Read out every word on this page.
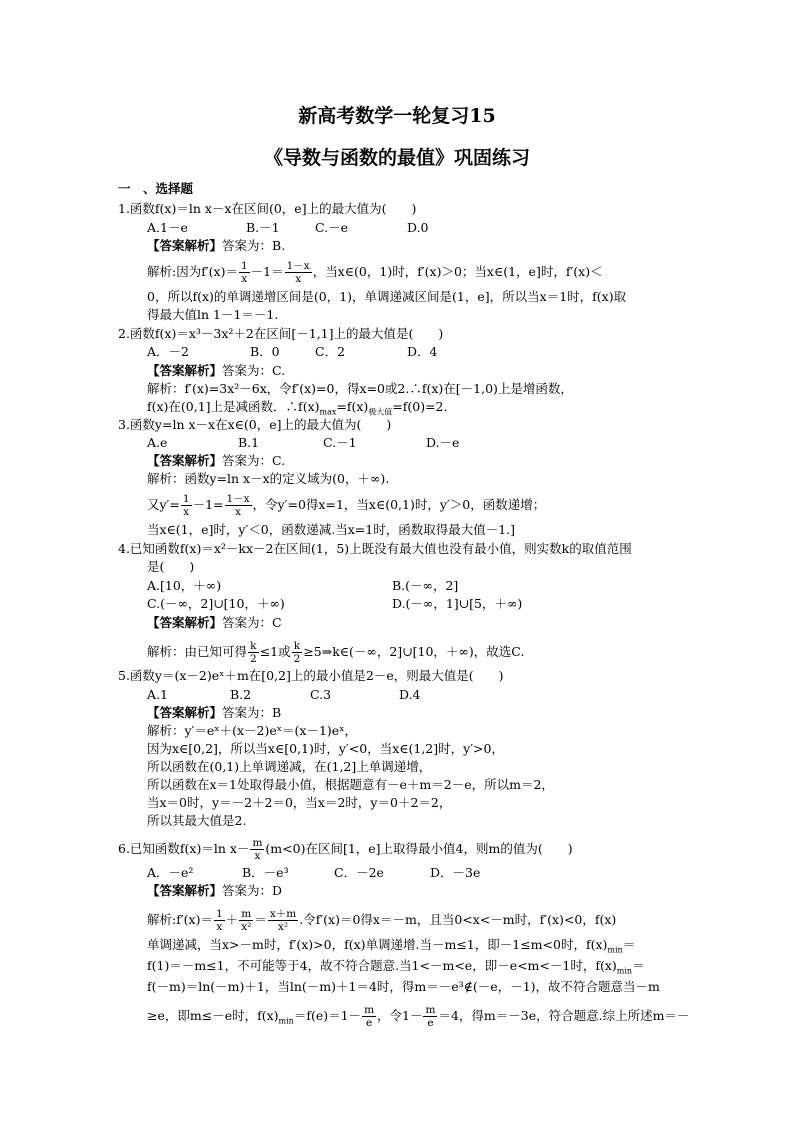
新高考数学一轮复习15
《导数与函数的最值》巩固练习
一　、选择题
1.函数f(x)＝ln x－x在区间(0，e]上的最大值为(　　)
A.1－e	B.－1	C.－e	D.0
【答案解析】答案为：B.
解析:因为$f'(x)= \frac{1}{x} -1= \frac{1-x}{x}$ ，当x∈(0，1)时，f′(x)＞0；当x∈(1，e]时，f′(x)＜
0，所以f(x)的单调递增区间是(0，1)，单调递减区间是(1，e]，所以当x＝1时，f(x)取
得最大值ln 1－1＝－1.
2.函数f(x)＝x³－3x²＋2在区间[－1,1]上的最大值是(　　)
A．－2	B．0	C．2	D．4
【答案解析】答案为：C.
解析：f′(x)=3x²－6x，令f′(x)=0，得x=0或2.∴f(x)在[－1,0)上是增函数，
f(x)在(0,1]上是减函数．$\therefore f(x)_{max}=f(x)_{极大值}=f(0)=2$.
3.函数y=ln x－x在x∈(0，e]上的最大值为(　　)
A.e	B.1	C.－1	D.－e
【答案解析】答案为：C.
解析：函数y=ln x－x的定义域为(0，＋∞).
又$y'= \frac{1}{x} -1= \frac{1-x}{x}$ ，令y′=0得x=1，当x∈(0,1)时，y′＞0，函数递增；
当x∈(1，e]时，y′＜0，函数递减.当x=1时，函数取得最大值－1.]
4.已知函数f(x)＝x²－kx－2在区间(1，5)上既没有最大值也没有最小值，则实数k的取值范围
是(　　)
A.[10，＋∞)	B.(－∞，2]
C.(－∞，2]∪[10，＋∞)	D.(－∞，1]∪[5，＋∞)
【答案解析】答案为：C
解析：由已知可得 $\frac{k}{2} \le 1$或 $\frac{k}{2}$ ≥5⇒k∈(－∞，2]∪[10，＋∞)，故选C.
5.函数y＝(x－2)eˣ＋m在[0,2]上的最小值是2－e，则最大值是(　　)
A.1	B.2	C.3	D.4
【答案解析】答案为：B
解析：y′＝eˣ＋(x－2)eˣ＝(x－1)eˣ，
因为x∈[0,2]，所以当x∈[0,1)时，y′<0，当x∈(1,2]时，y′>0，
所以函数在(0,1)上单调递减，在(1,2]上单调递增，
所以函数在x＝1处取得最小值，根据题意有－e＋m＝2－e，所以m＝2，
当x＝0时，y＝－2＋2＝0，当x＝2时，y＝0＋2＝2，
所以其最大值是2.
6.已知函数f(x)＝ln $x- \frac{m}{x} (m<0)$在区间[1，e]上取得最小值4，则m的值为(　　)
A．－e²	B．－e³	C．－2e	D．－3e
【答案解析】答案为：D
解析:f′(x)＝ $\frac{1}{x} + \frac{m}{\text{x²}} = \frac{x+m}{\text{x²}}$ .令f′(x)＝0得x＝－m，且当0<x<－m时，f′(x)<0，f(x)
单调递减，当x>－m时，f′(x)>0，f(x)单调递增.当－m≤1，即－1≤m<0时，$f(x)_{min}=$
f(1)＝－m≤1，不可能等于4，故不符合题意.当1<－m<e，即－e<m<－1时，$f(x)_{min}=$
f(－m)＝ln(－m)＋1，当ln(－m)＋1＝4时，得m＝－e³∉(－e，－1)，故不符合题意当－m
≥e，即m≤－e时，$f(x)_{min}=f(e)=1- \frac{m}{e}$ ，令$1- \frac{m}{e} =4$，得m＝－3e，符合题意.综上所述m＝－
